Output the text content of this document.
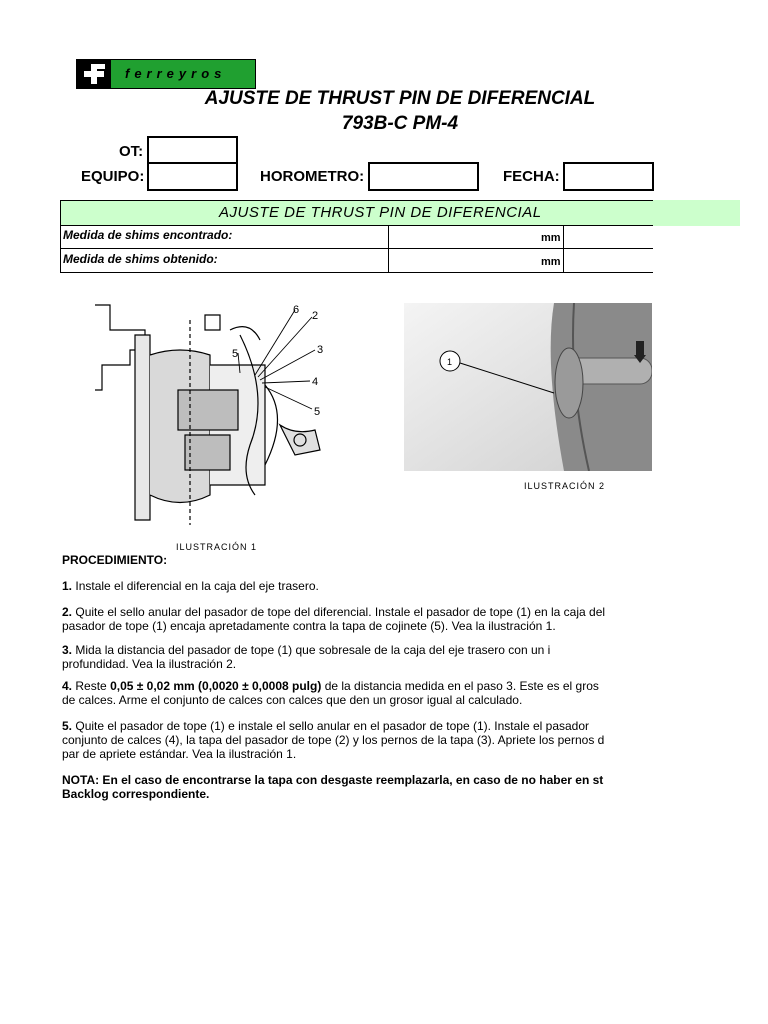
ferreyros
AJUSTE DE THRUST PIN DE DIFERENCIAL
793B-C PM-4
OT:
EQUIPO:	HOROMETRO:	FECHA:
AJUSTE DE THRUST PIN DE DIFERENCIAL
Medida de shims encontrado:	mm
Medida de shims obtenido:	mm
6 2
5	3
4
5
ILUSTRACIÓN 1
1
ILUSTRACIÓN 2
PROCEDIMIENTO:
1. Instale el diferencial en la caja del eje trasero.
2. Quite el sello anular del pasador de tope del diferencial. Instale el pasador de tope (1) en la caja del
pasador de tope (1) encaja apretadamente contra la tapa de cojinete (5). Vea la ilustración 1.
3. Mida la distancia del pasador de tope (1) que sobresale de la caja del eje trasero con un i
profundidad. Vea la ilustración 2.
4. Reste 0,05 ± 0,02 mm (0,0020 ± 0,0008 pulg) de la distancia medida en el paso 3. Este es el gros
de calces. Arme el conjunto de calces con calces que den un grosor igual al calculado.
5. Quite el pasador de tope (1) e instale el sello anular en el pasador de tope (1). Instale el pasador
conjunto de calces (4), la tapa del pasador de tope (2) y los pernos de la tapa (3). Apriete los pernos d
par de apriete estándar. Vea la ilustración 1.
NOTA: En el caso de encontrarse la tapa con desgaste reemplazarla, en caso de no haber en st
Backlog correspondiente.
